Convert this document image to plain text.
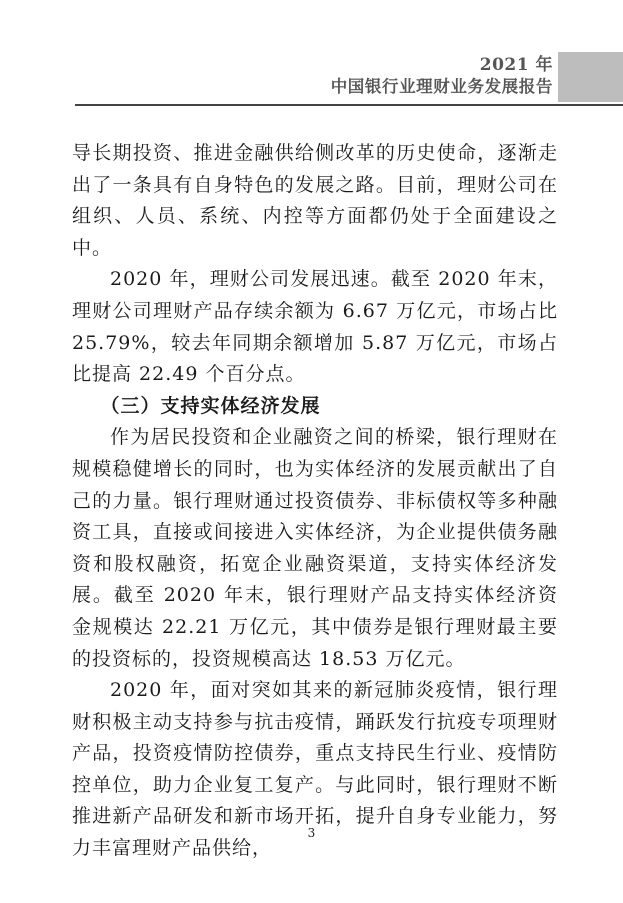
2021 年
中国银行业理财业务发展报告

导长期投资、推进金融供给侧改革的历史使命，逐渐走出了一条具有自身特色的发展之路。目前，理财公司在组织、人员、系统、内控等方面都仍处于全面建设之中。

2020 年，理财公司发展迅速。截至 2020 年末，理财公司理财产品存续余额为 6.67 万亿元，市场占比 25.79%，较去年同期余额增加 5.87 万亿元，市场占比提高 22.49 个百分点。

（三）支持实体经济发展

作为居民投资和企业融资之间的桥梁，银行理财在规模稳健增长的同时，也为实体经济的发展贡献出了自己的力量。银行理财通过投资债券、非标债权等多种融资工具，直接或间接进入实体经济，为企业提供债务融资和股权融资，拓宽企业融资渠道，支持实体经济发展。截至 2020 年末，银行理财产品支持实体经济资金规模达 22.21 万亿元，其中债券是银行理财最主要的投资标的，投资规模高达 18.53 万亿元。

2020 年，面对突如其来的新冠肺炎疫情，银行理财积极主动支持参与抗击疫情，踊跃发行抗疫专项理财产品，投资疫情防控债券，重点支持民生行业、疫情防控单位，助力企业复工复产。与此同时，银行理财不断推进新产品研发和新市场开拓，提升自身专业能力，努力丰富理财产品供给，

3
